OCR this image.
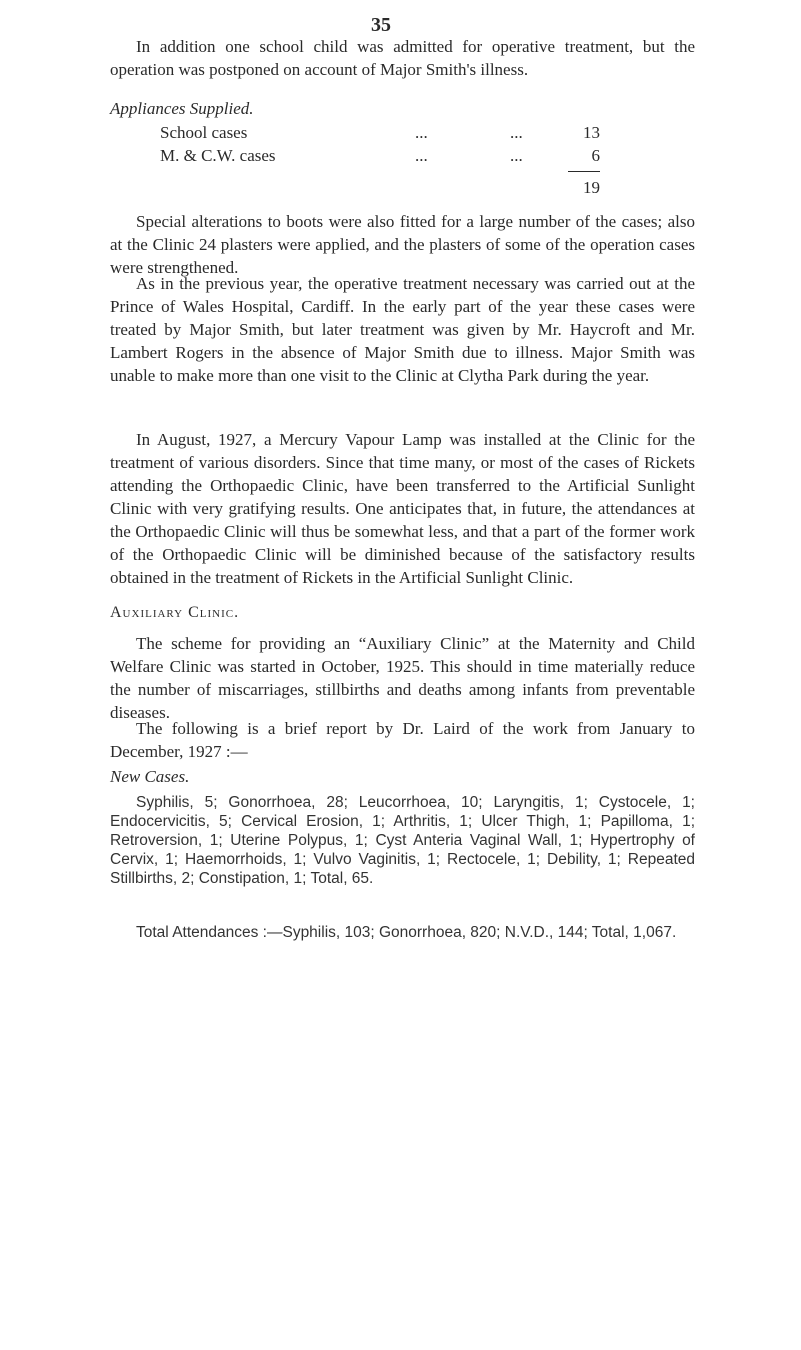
35

In addition one school child was admitted for operative treatment, but the operation was postponed on account of Major Smith's illness.

Appliances Supplied.
School cases	...	...	13
M. & C.W. cases	...	...	6
19

Special alterations to boots were also fitted for a large number of the cases; also at the Clinic 24 plasters were applied, and the plasters of some of the operation cases were strengthened.

As in the previous year, the operative treatment necessary was carried out at the Prince of Wales Hospital, Cardiff. In the early part of the year these cases were treated by Major Smith, but later treatment was given by Mr. Haycroft and Mr. Lambert Rogers in the absence of Major Smith due to illness. Major Smith was unable to make more than one visit to the Clinic at Clytha Park during the year.

In August, 1927, a Mercury Vapour Lamp was installed at the Clinic for the treatment of various disorders. Since that time many, or most of the cases of Rickets attending the Orthopaedic Clinic, have been transferred to the Artificial Sunlight Clinic with very gratifying results. One anticipates that, in future, the attendances at the Orthopaedic Clinic will thus be somewhat less, and that a part of the former work of the Orthopaedic Clinic will be diminished because of the satisfactory results obtained in the treatment of Rickets in the Artificial Sunlight Clinic.

Auxiliary Clinic.

The scheme for providing an “Auxiliary Clinic” at the Maternity and Child Welfare Clinic was started in October, 1925. This should in time materially reduce the number of miscarriages, stillbirths and deaths among infants from preventable diseases.

The following is a brief report by Dr. Laird of the work from January to December, 1927 :—

New Cases.

Syphilis, 5; Gonorrhoea, 28; Leucorrhoea, 10; Laryngitis, 1; Cystocele, 1; Endocervicitis, 5; Cervical Erosion, 1; Arthritis, 1; Ulcer Thigh, 1; Papilloma, 1; Retroversion, 1; Uterine Polypus, 1; Cyst Anteria Vaginal Wall, 1; Hypertrophy of Cervix, 1; Haemorrhoids, 1; Vulvo Vaginitis, 1; Rectocele, 1; Debility, 1; Repeated Stillbirths, 2; Constipation, 1; Total, 65.

Total Attendances :—Syphilis, 103; Gonorrhoea, 820; N.V.D., 144; Total, 1,067.
